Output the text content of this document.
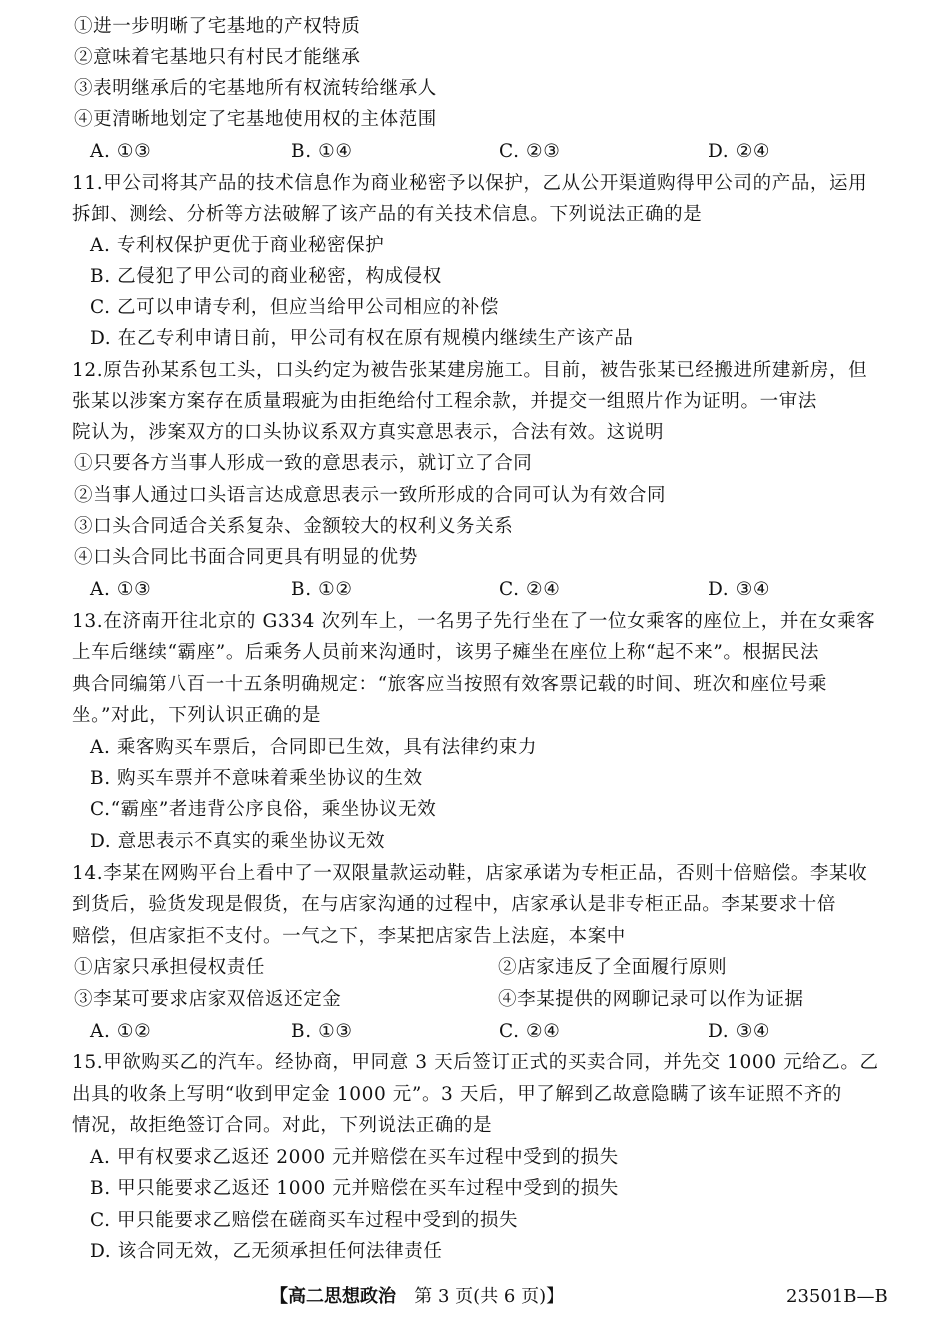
①进一步明晰了宅基地的产权特质
②意味着宅基地只有村民才能继承
③表明继承后的宅基地所有权流转给继承人
④更清晰地划定了宅基地使用权的主体范围
A. ①③	B. ①④	C. ②③	D. ②④
11.甲公司将其产品的技术信息作为商业秘密予以保护，乙从公开渠道购得甲公司的产品，运用
拆卸、测绘、分析等方法破解了该产品的有关技术信息。下列说法正确的是
A. 专利权保护更优于商业秘密保护
B. 乙侵犯了甲公司的商业秘密，构成侵权
C. 乙可以申请专利，但应当给甲公司相应的补偿
D. 在乙专利申请日前，甲公司有权在原有规模内继续生产该产品
12.原告孙某系包工头，口头约定为被告张某建房施工。目前，被告张某已经搬进所建新房，但
张某以涉案方案存在质量瑕疵为由拒绝给付工程余款，并提交一组照片作为证明。一审法
院认为，涉案双方的口头协议系双方真实意思表示，合法有效。这说明
①只要各方当事人形成一致的意思表示，就订立了合同
②当事人通过口头语言达成意思表示一致所形成的合同可认为有效合同
③口头合同适合关系复杂、金额较大的权利义务关系
④口头合同比书面合同更具有明显的优势
A. ①③	B. ①②	C. ②④	D. ③④
13.在济南开往北京的 G334 次列车上，一名男子先行坐在了一位女乘客的座位上，并在女乘客
上车后继续“霸座”。后乘务人员前来沟通时，该男子瘫坐在座位上称“起不来”。根据民法
典合同编第八百一十五条明确规定：“旅客应当按照有效客票记载的时间、班次和座位号乘
坐。”对此，下列认识正确的是
A. 乘客购买车票后，合同即已生效，具有法律约束力
B. 购买车票并不意味着乘坐协议的生效
C.“霸座”者违背公序良俗，乘坐协议无效
D. 意思表示不真实的乘坐协议无效
14.李某在网购平台上看中了一双限量款运动鞋，店家承诺为专柜正品，否则十倍赔偿。李某收
到货后，验货发现是假货，在与店家沟通的过程中，店家承认是非专柜正品。李某要求十倍
赔偿，但店家拒不支付。一气之下，李某把店家告上法庭，本案中
①店家只承担侵权责任	②店家违反了全面履行原则
③李某可要求店家双倍返还定金	④李某提供的网聊记录可以作为证据
A. ①②	B. ①③	C. ②④	D. ③④
15.甲欲购买乙的汽车。经协商，甲同意 3 天后签订正式的买卖合同，并先交 1000 元给乙。乙
出具的收条上写明“收到甲定金 1000 元”。3 天后，甲了解到乙故意隐瞒了该车证照不齐的
情况，故拒绝签订合同。对此，下列说法正确的是
A. 甲有权要求乙返还 2000 元并赔偿在买车过程中受到的损失
B. 甲只能要求乙返还 1000 元并赔偿在买车过程中受到的损失
C. 甲只能要求乙赔偿在磋商买车过程中受到的损失
D. 该合同无效，乙无须承担任何法律责任
【高二思想政治 第 3 页(共 6 页)】	23501B—B
